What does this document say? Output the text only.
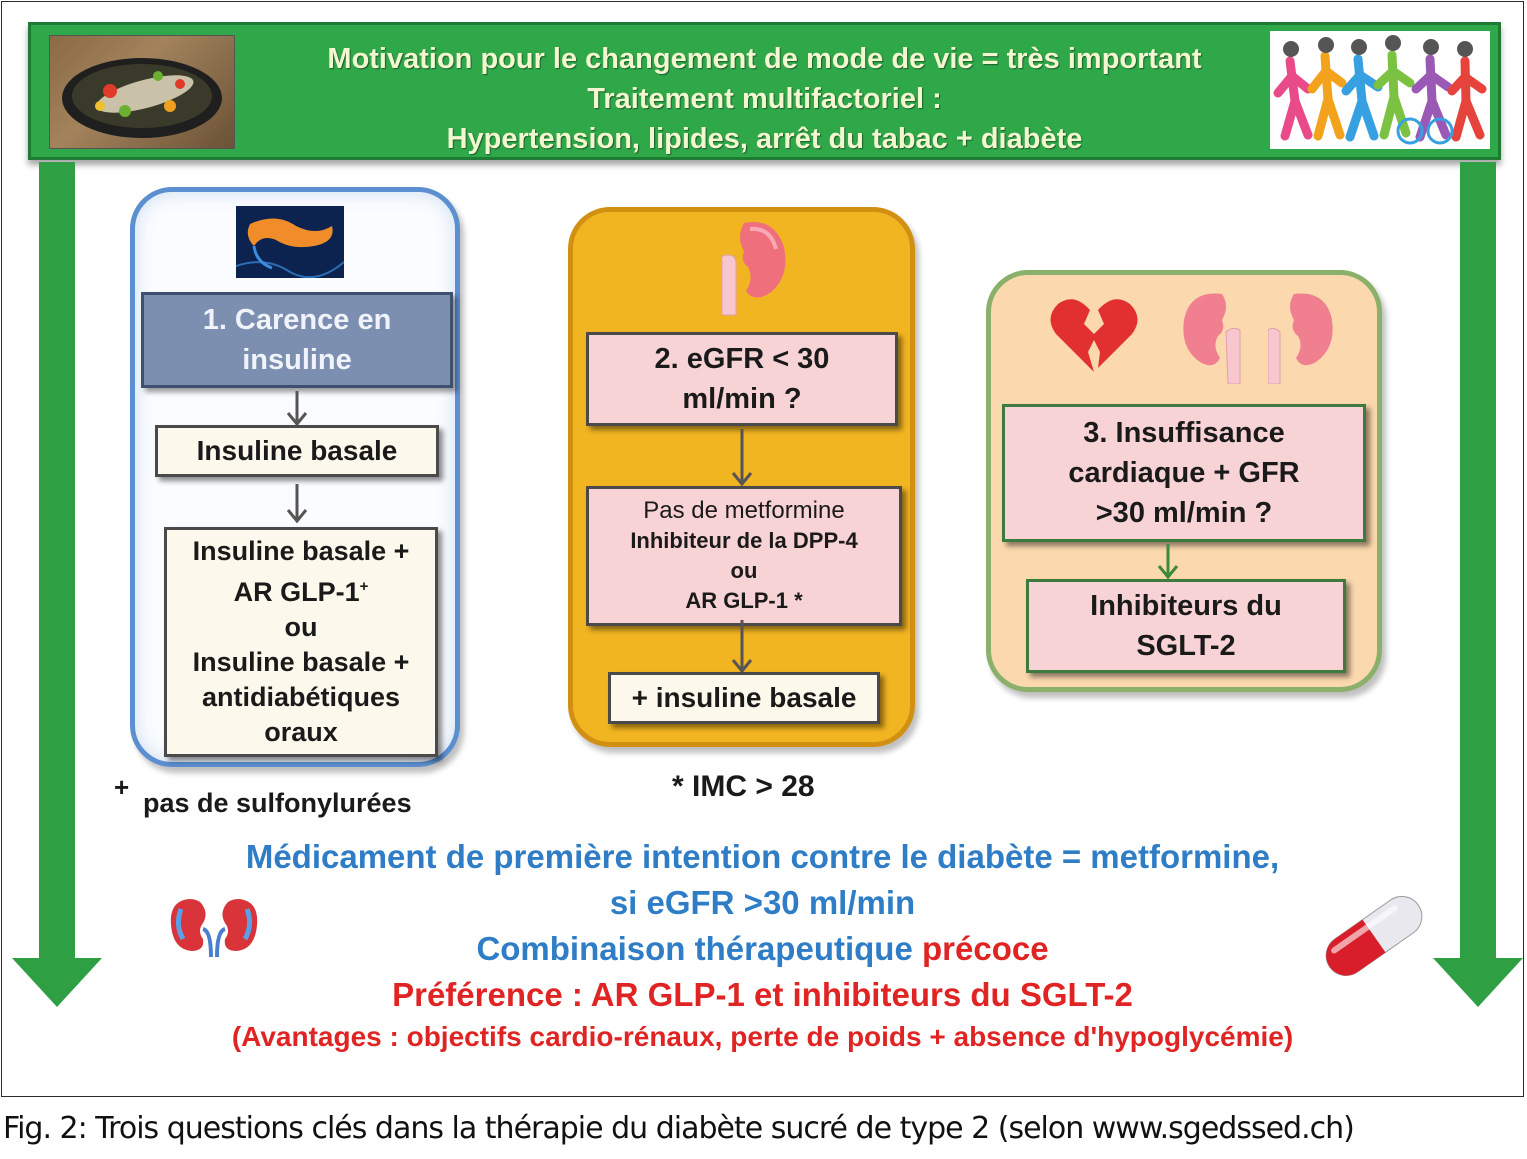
Motivation pour le changement de mode de vie = très important
Traitement multifactoriel :
Hypertension, lipides, arrêt du tabac + diabète
1. Carence en insuline
Insuline basale
Insuline basale +
AR GLP-1+
ou
Insuline basale +
antidiabétiques
oraux
+
pas de sulfonylurées
2. eGFR < 30
ml/min ?
Pas de metformine
Inhibiteur de la DPP-4
ou
AR GLP-1 *
+ insuline basale
* IMC > 28
3. Insuffisance
cardiaque + GFR
>30 ml/min ?
Inhibiteurs du
SGLT-2
Médicament de première intention contre le diabète = metformine,
si eGFR >30 ml/min
Combinaison thérapeutique précoce
Préférence : AR GLP-1 et inhibiteurs du SGLT-2
(Avantages : objectifs cardio-rénaux, perte de poids + absence d'hypoglycémie)
Fig. 2: Trois questions clés dans la thérapie du diabète sucré de type 2 (selon www.sgedssed.ch)
